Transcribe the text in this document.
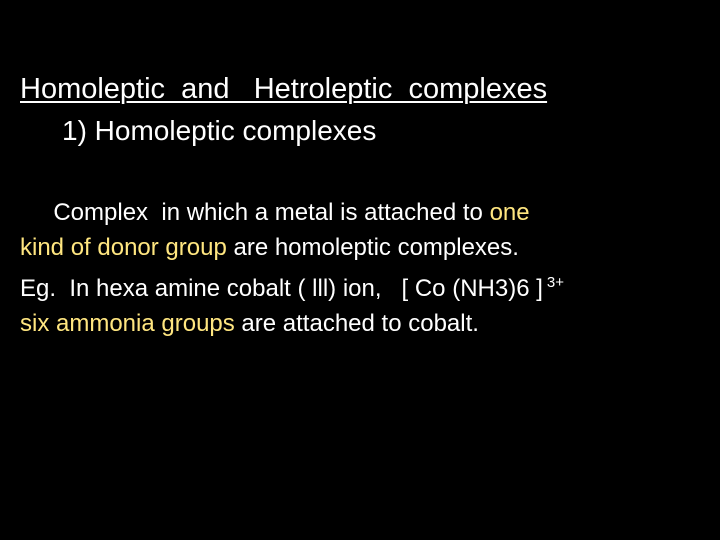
Homoleptic  and   Hetroleptic  complexes
1) Homoleptic complexes
Complex  in which a metal is attached to one
kind of donor group are homoleptic complexes.
Eg.  In hexa amine cobalt ( lll) ion,   [ Co (NH3)6 ] $^{3+}$
six ammonia groups are attached to cobalt.
